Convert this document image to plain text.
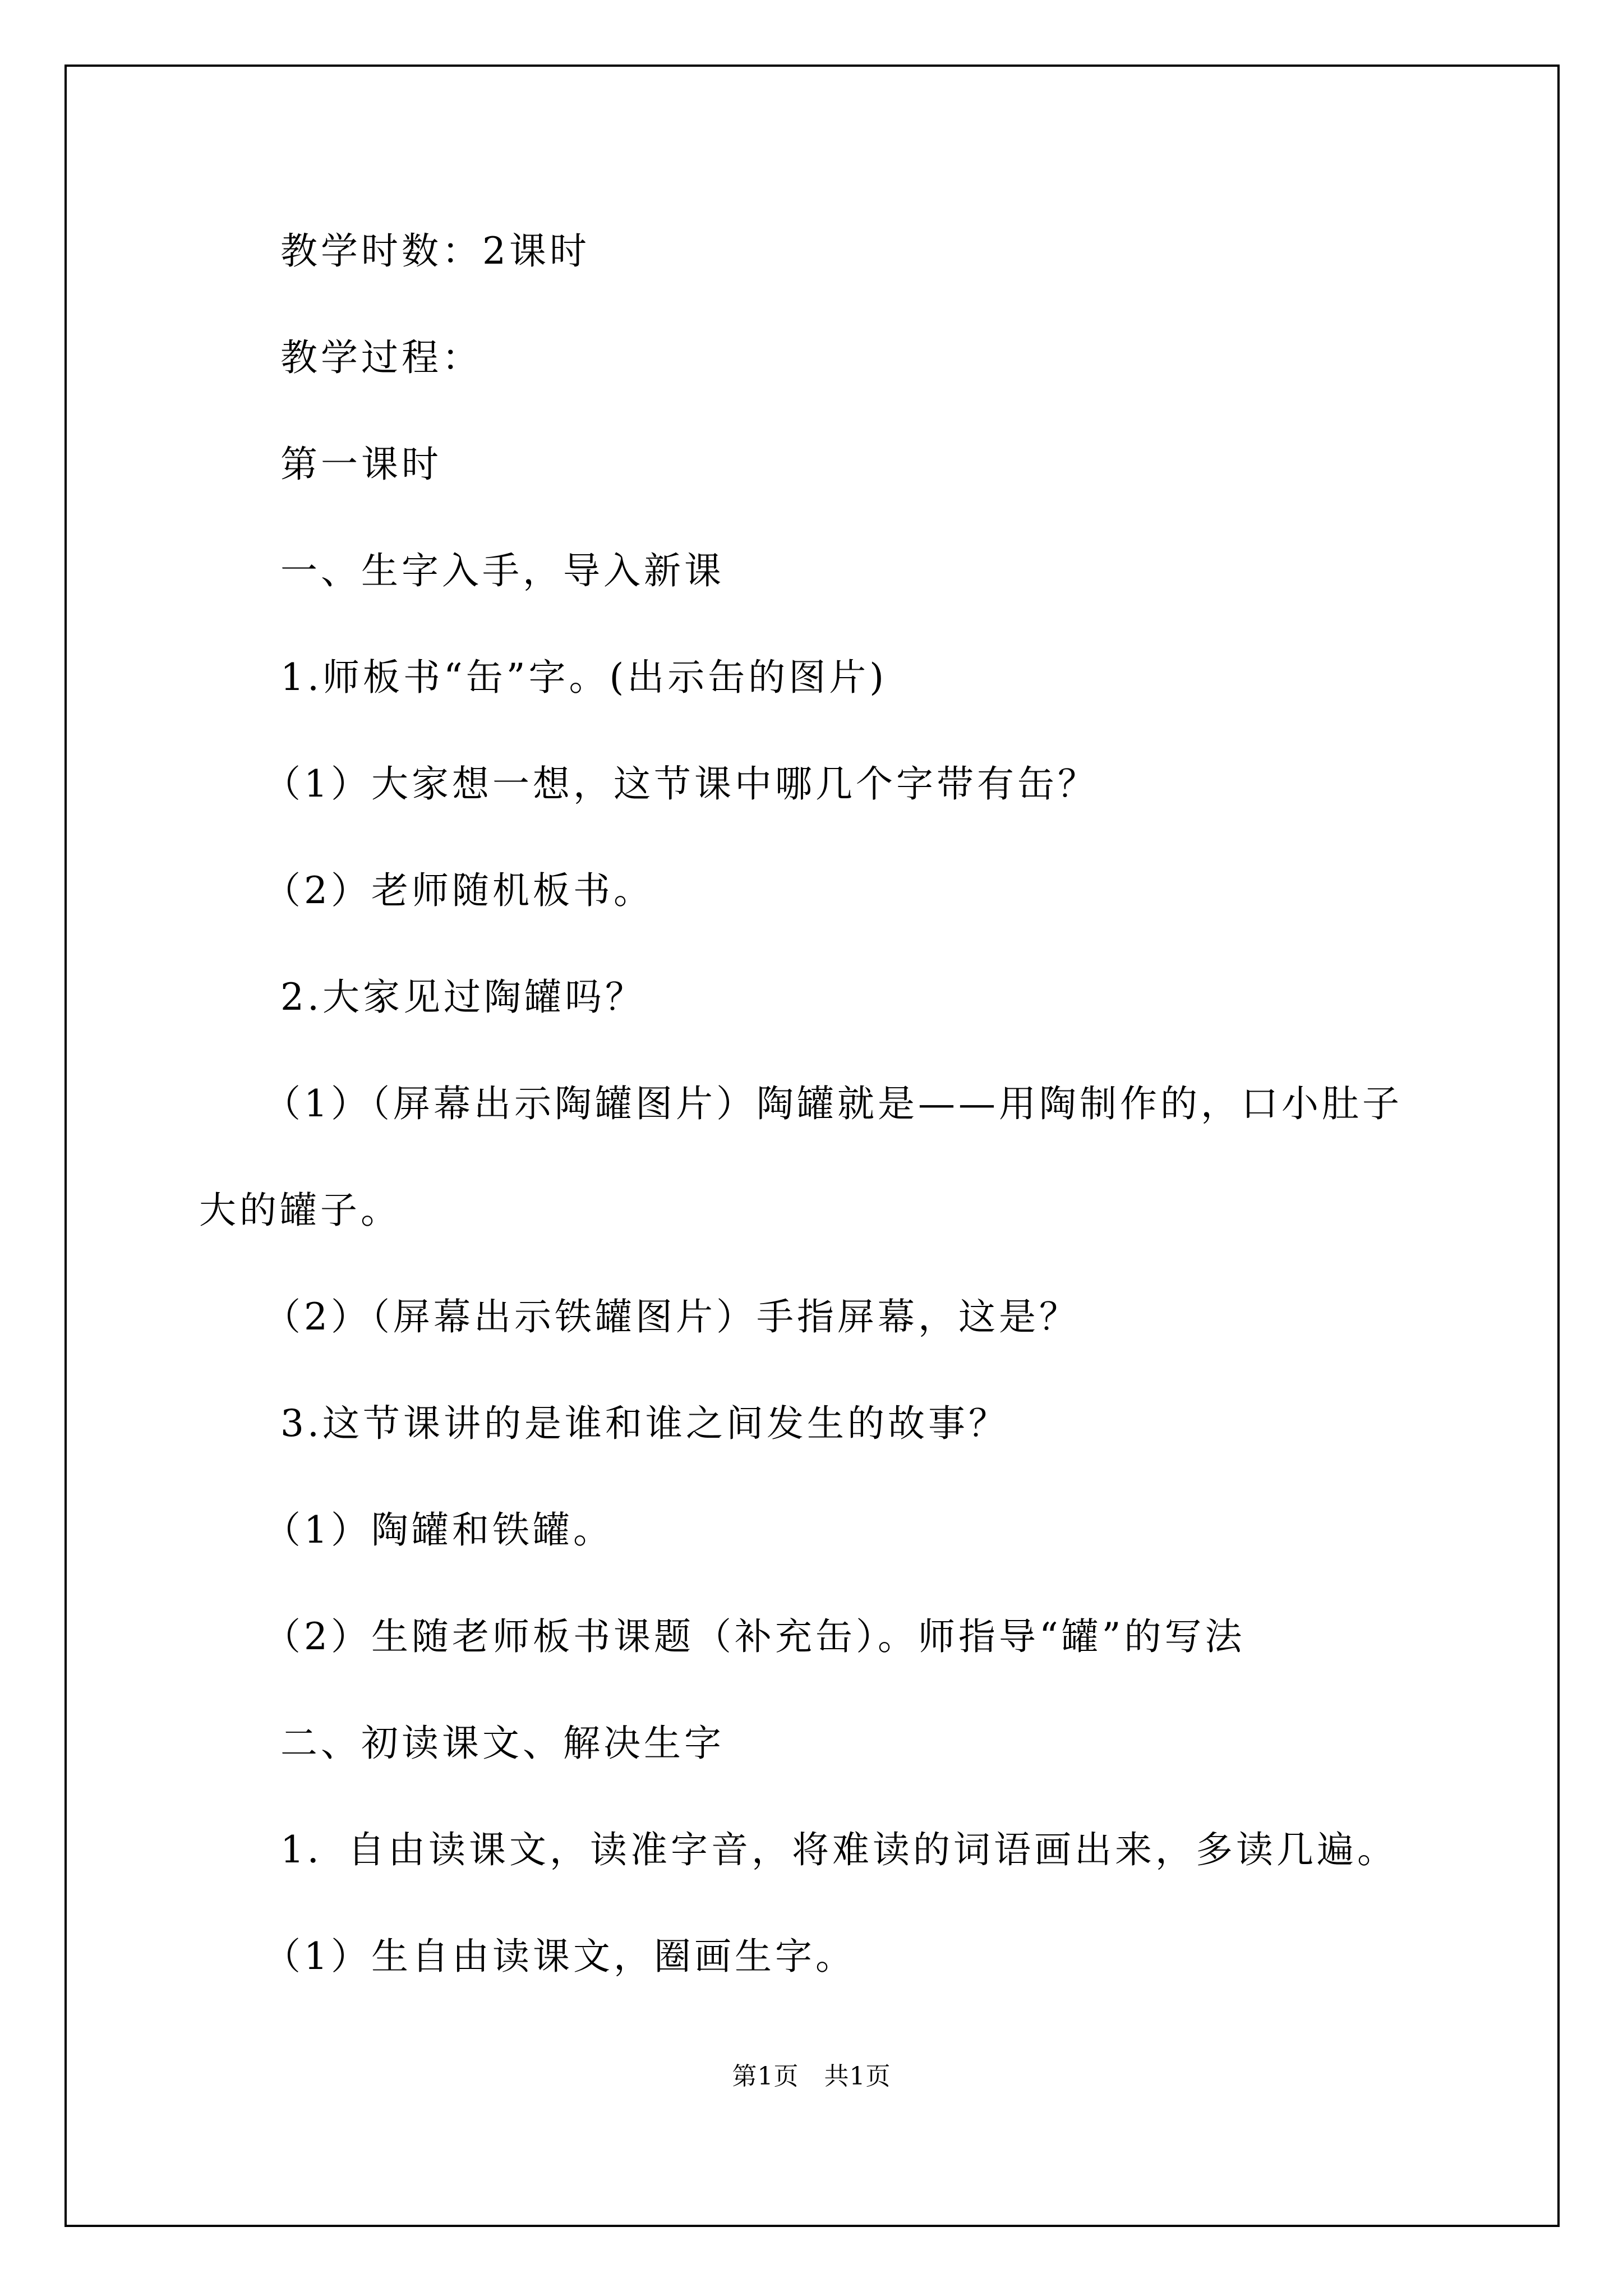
教学时数：2课时
教学过程：
第一课时
一、生字入手，导入新课
1.师板书“缶”字。(出示缶的图片)
（1）大家想一想，这节课中哪几个字带有缶？
（2）老师随机板书。
2.大家见过陶罐吗？
（1）（屏幕出示陶罐图片）陶罐就是——用陶制作的，口小肚子
大的罐子。
（2）（屏幕出示铁罐图片）手指屏幕，这是？
3.这节课讲的是谁和谁之间发生的故事？
（1）陶罐和铁罐。
（2）生随老师板书课题（补充缶）。师指导“罐”的写法
二、初读课文、解决生字
1．自由读课文，读准字音，将难读的词语画出来，多读几遍。
（1）生自由读课文，圈画生字。
第1页　共1页
